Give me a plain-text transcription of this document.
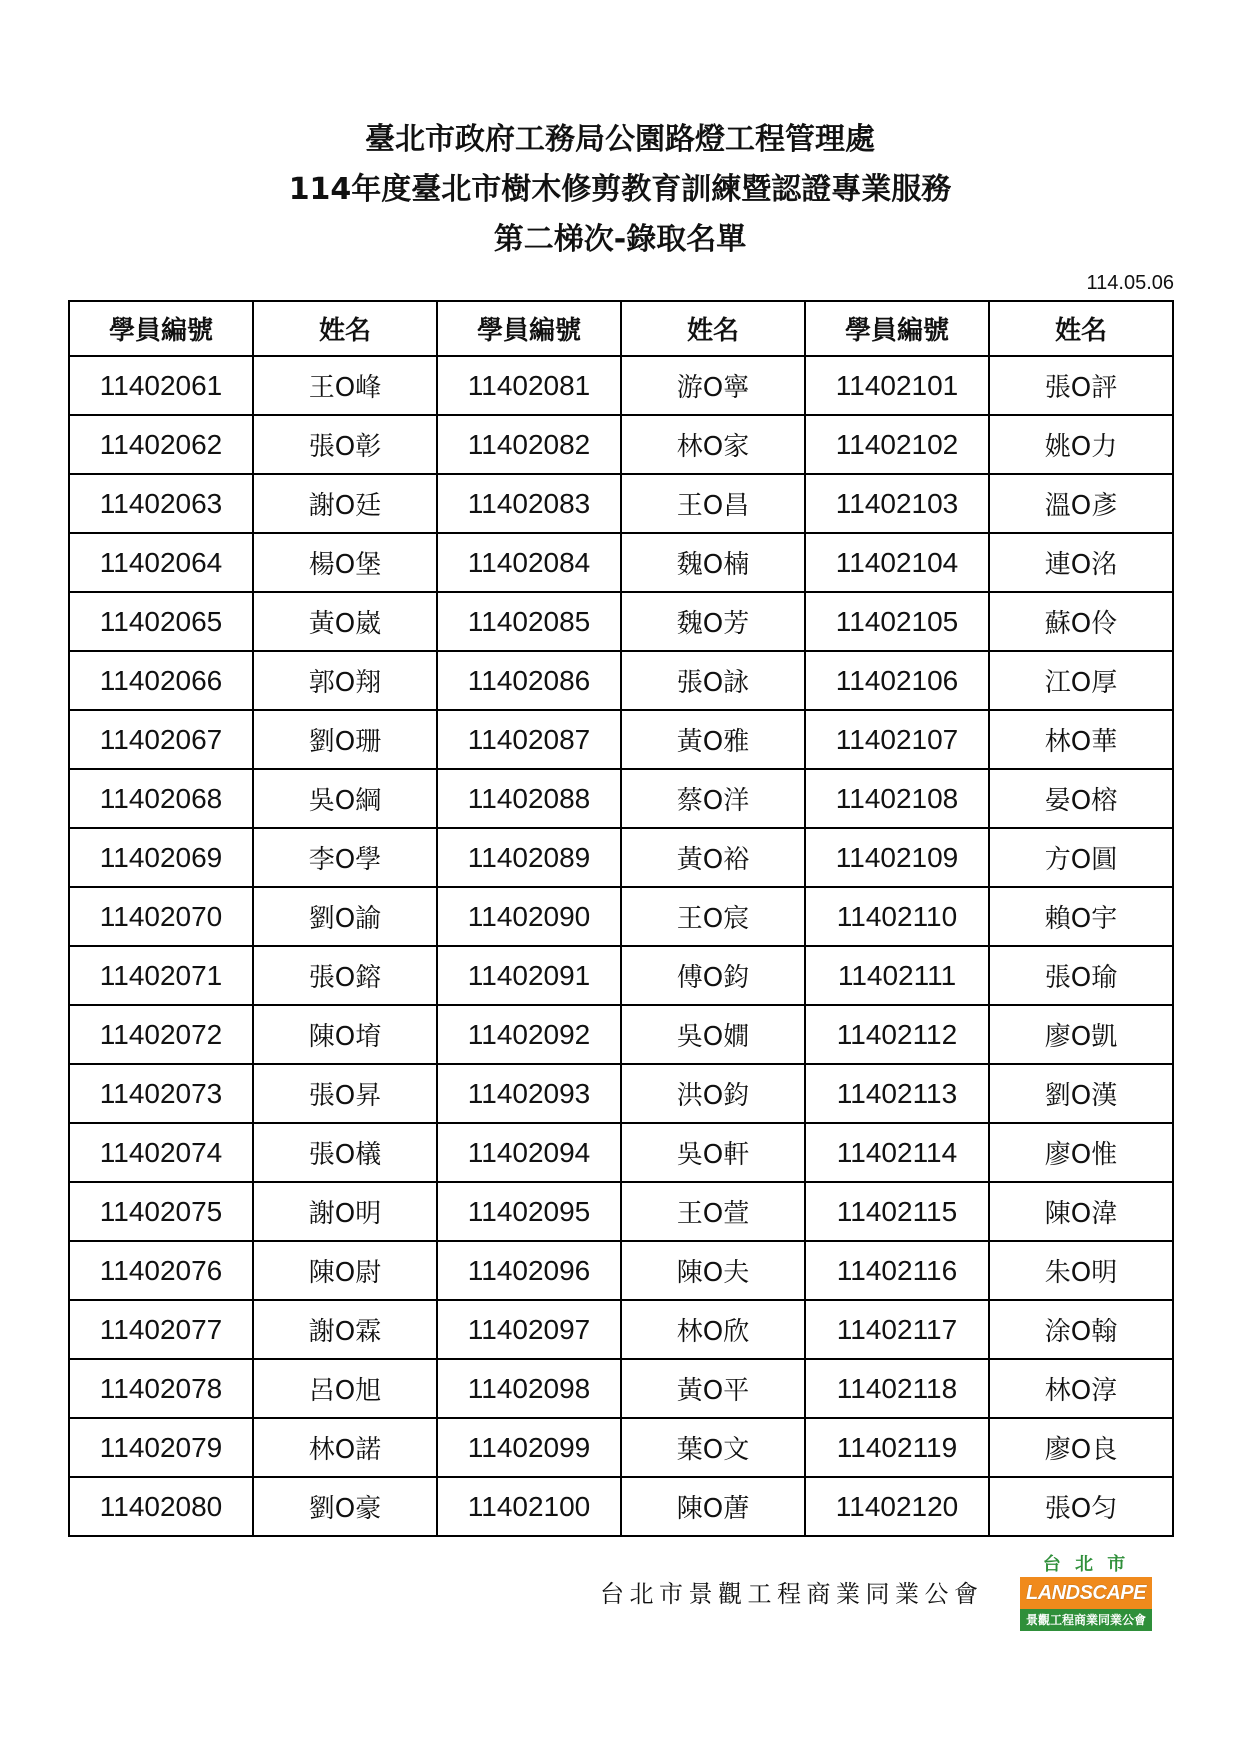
臺北市政府工務局公園路燈工程管理處
114年度臺北市樹木修剪教育訓練暨認證專業服務
第二梯次-錄取名單
114.05.06
學員編號	姓名	學員編號	姓名	學員編號	姓名
11402061	王O峰	11402081	游O寧	11402101	張O評
11402062	張O彰	11402082	林O家	11402102	姚O力
11402063	謝O廷	11402083	王O昌	11402103	溫O彥
11402064	楊O堡	11402084	魏O楠	11402104	連O洺
11402065	黃O崴	11402085	魏O芳	11402105	蘇O伶
11402066	郭O翔	11402086	張O詠	11402106	江O厚
11402067	劉O珊	11402087	黃O雅	11402107	林O華
11402068	吳O綱	11402088	蔡O洋	11402108	晏O榕
11402069	李O學	11402089	黃O裕	11402109	方O圓
11402070	劉O諭	11402090	王O宸	11402110	賴O宇
11402071	張O鎔	11402091	傅O鈞	11402111	張O瑜
11402072	陳O堉	11402092	吳O嫺	11402112	廖O凱
11402073	張O昇	11402093	洪O鈞	11402113	劉O漢
11402074	張O檥	11402094	吳O軒	11402114	廖O惟
11402075	謝O明	11402095	王O萱	11402115	陳O湋
11402076	陳O尉	11402096	陳O夫	11402116	朱O明
11402077	謝O霖	11402097	林O欣	11402117	涂O翰
11402078	呂O旭	11402098	黃O平	11402118	林O淳
11402079	林O諾	11402099	葉O文	11402119	廖O良
11402080	劉O豪	11402100	陳O蓎	11402120	張O匀
台北市景觀工程商業同業公會
台 北 市
LANDSCAPE
景觀工程商業同業公會
